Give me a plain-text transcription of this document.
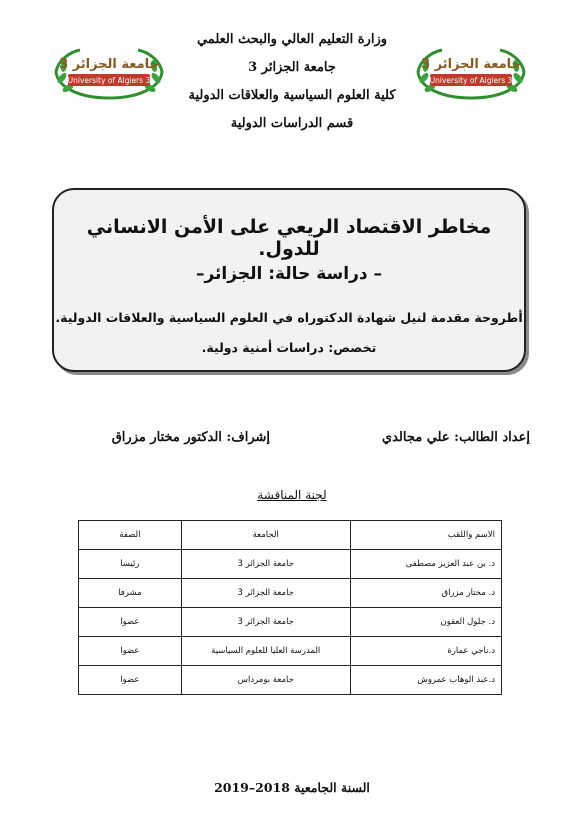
جامعة الجزائر 3
University of Algiers 3
جامعة الجزائر 3
University of Algiers 3
وزارة التعليم العالي والبحث العلمي
جامعة الجزائر 3
كلية العلوم السياسية والعلاقات الدولية
قسم الدراسات الدولية
مخاطر الاقتصاد الريعي على الأمن الانساني للدول.
– دراسة حالة: الجزائر–
أطروحة مقدمة لنيل شهادة الدكتوراه في العلوم السياسية والعلاقات الدولية.
تخصص: دراسات أمنية دولية.
إعداد الطالب: علي مجالدي
إشراف: الدكتور مختار مزراق
لجنة المناقشة
الاسم واللقب	الجامعة	الصفة
د. بن عبد العزيز مصطفى	جامعة الجزائر 3	رئيسا
د. مختار مزراق	جامعة الجزائر 3	مشرفا
د. جلول العقون	جامعة الجزائر 3	عضوا
د.ناجي عمارة	المدرسة العليا للعلوم السياسية	عضوا
د.عبد الوهاب عمروش	جامعة بومرداس	عضوا
السنة الجامعية 2018–2019
